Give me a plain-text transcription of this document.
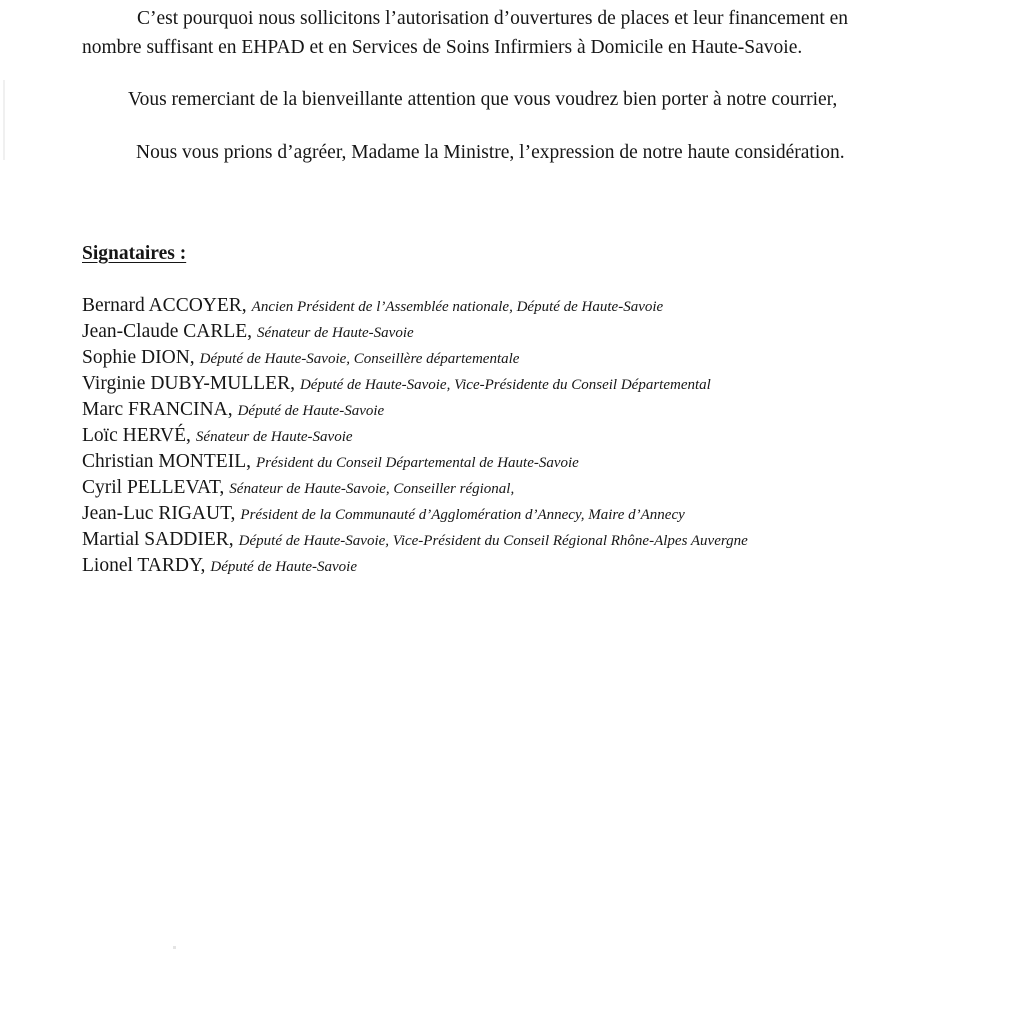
C’est pourquoi nous sollicitons l’autorisation d’ouvertures de places et leur financement en

nombre suffisant en EHPAD et en Services de Soins Infirmiers à Domicile en Haute-Savoie.

Vous remerciant de la bienveillante attention que vous voudrez bien porter à notre courrier,

Nous vous prions d’agréer, Madame la Ministre, l’expression de notre haute considération.

Signataires :

Bernard ACCOYER, Ancien Président de l’Assemblée nationale, Député de Haute-Savoie
Jean-Claude CARLE, Sénateur de Haute-Savoie
Sophie DION, Député de Haute-Savoie, Conseillère départementale
Virginie DUBY-MULLER, Député de Haute-Savoie, Vice-Présidente du Conseil Départemental
Marc FRANCINA, Député de Haute-Savoie
Loïc HERVÉ, Sénateur de Haute-Savoie
Christian MONTEIL, Président du Conseil Départemental de Haute-Savoie
Cyril PELLEVAT, Sénateur de Haute-Savoie, Conseiller régional,
Jean-Luc RIGAUT, Président de la Communauté d’Agglomération d’Annecy, Maire d’Annecy
Martial SADDIER, Député de Haute-Savoie, Vice-Président du Conseil Régional Rhône-Alpes Auvergne
Lionel TARDY, Député de Haute-Savoie
